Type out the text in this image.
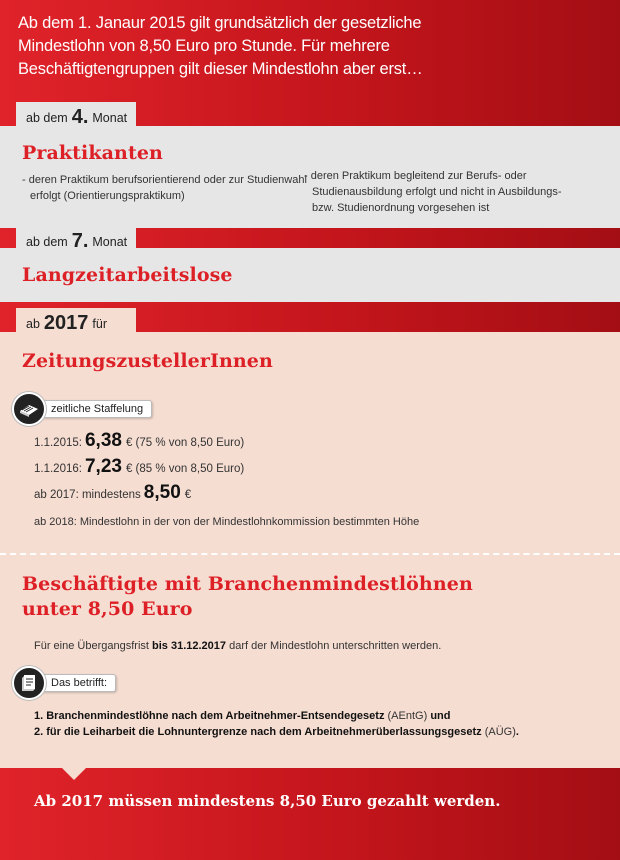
Ab dem 1. Janaur 2015 gilt grundsätzlich der gesetzliche Mindestlohn von 8,50 Euro pro Stunde. Für mehrere Beschäftigtengruppen gilt dieser Mindestlohn aber erst…
ab dem 4. Monat
Praktikanten
- deren Praktikum berufsorientierend oder zur Studienwahl
erfolgt (Orientierungspraktikum)
- deren Praktikum begleitend zur Berufs- oder
Studienausbildung erfolgt und nicht in Ausbildungs-
bzw. Studienordnung vorgesehen ist
ab dem 7. Monat
Langzeitarbeitslose
ab 2017 für
ZeitungszustellerInnen
zeitliche Staffelung
1.1.2015: 6,38 € (75 % von 8,50 Euro)
1.1.2016: 7,23 € (85 % von 8,50 Euro)
ab 2017: mindestens 8,50 €
ab 2018: Mindestlohn in der von der Mindestlohnkommission bestimmten Höhe
Beschäftigte mit Branchenmindestlöhnen
unter 8,50 Euro
Für eine Übergangsfrist bis 31.12.2017 darf der Mindestlohn unterschritten werden.
Das betrifft:
1. Branchenmindestlöhne nach dem Arbeitnehmer-Entsendegesetz (AEntG) und
2. für die Leiharbeit die Lohnuntergrenze nach dem Arbeitnehmerüberlassungsgesetz (AÜG).
Ab 2017 müssen mindestens 8,50 Euro gezahlt werden.
